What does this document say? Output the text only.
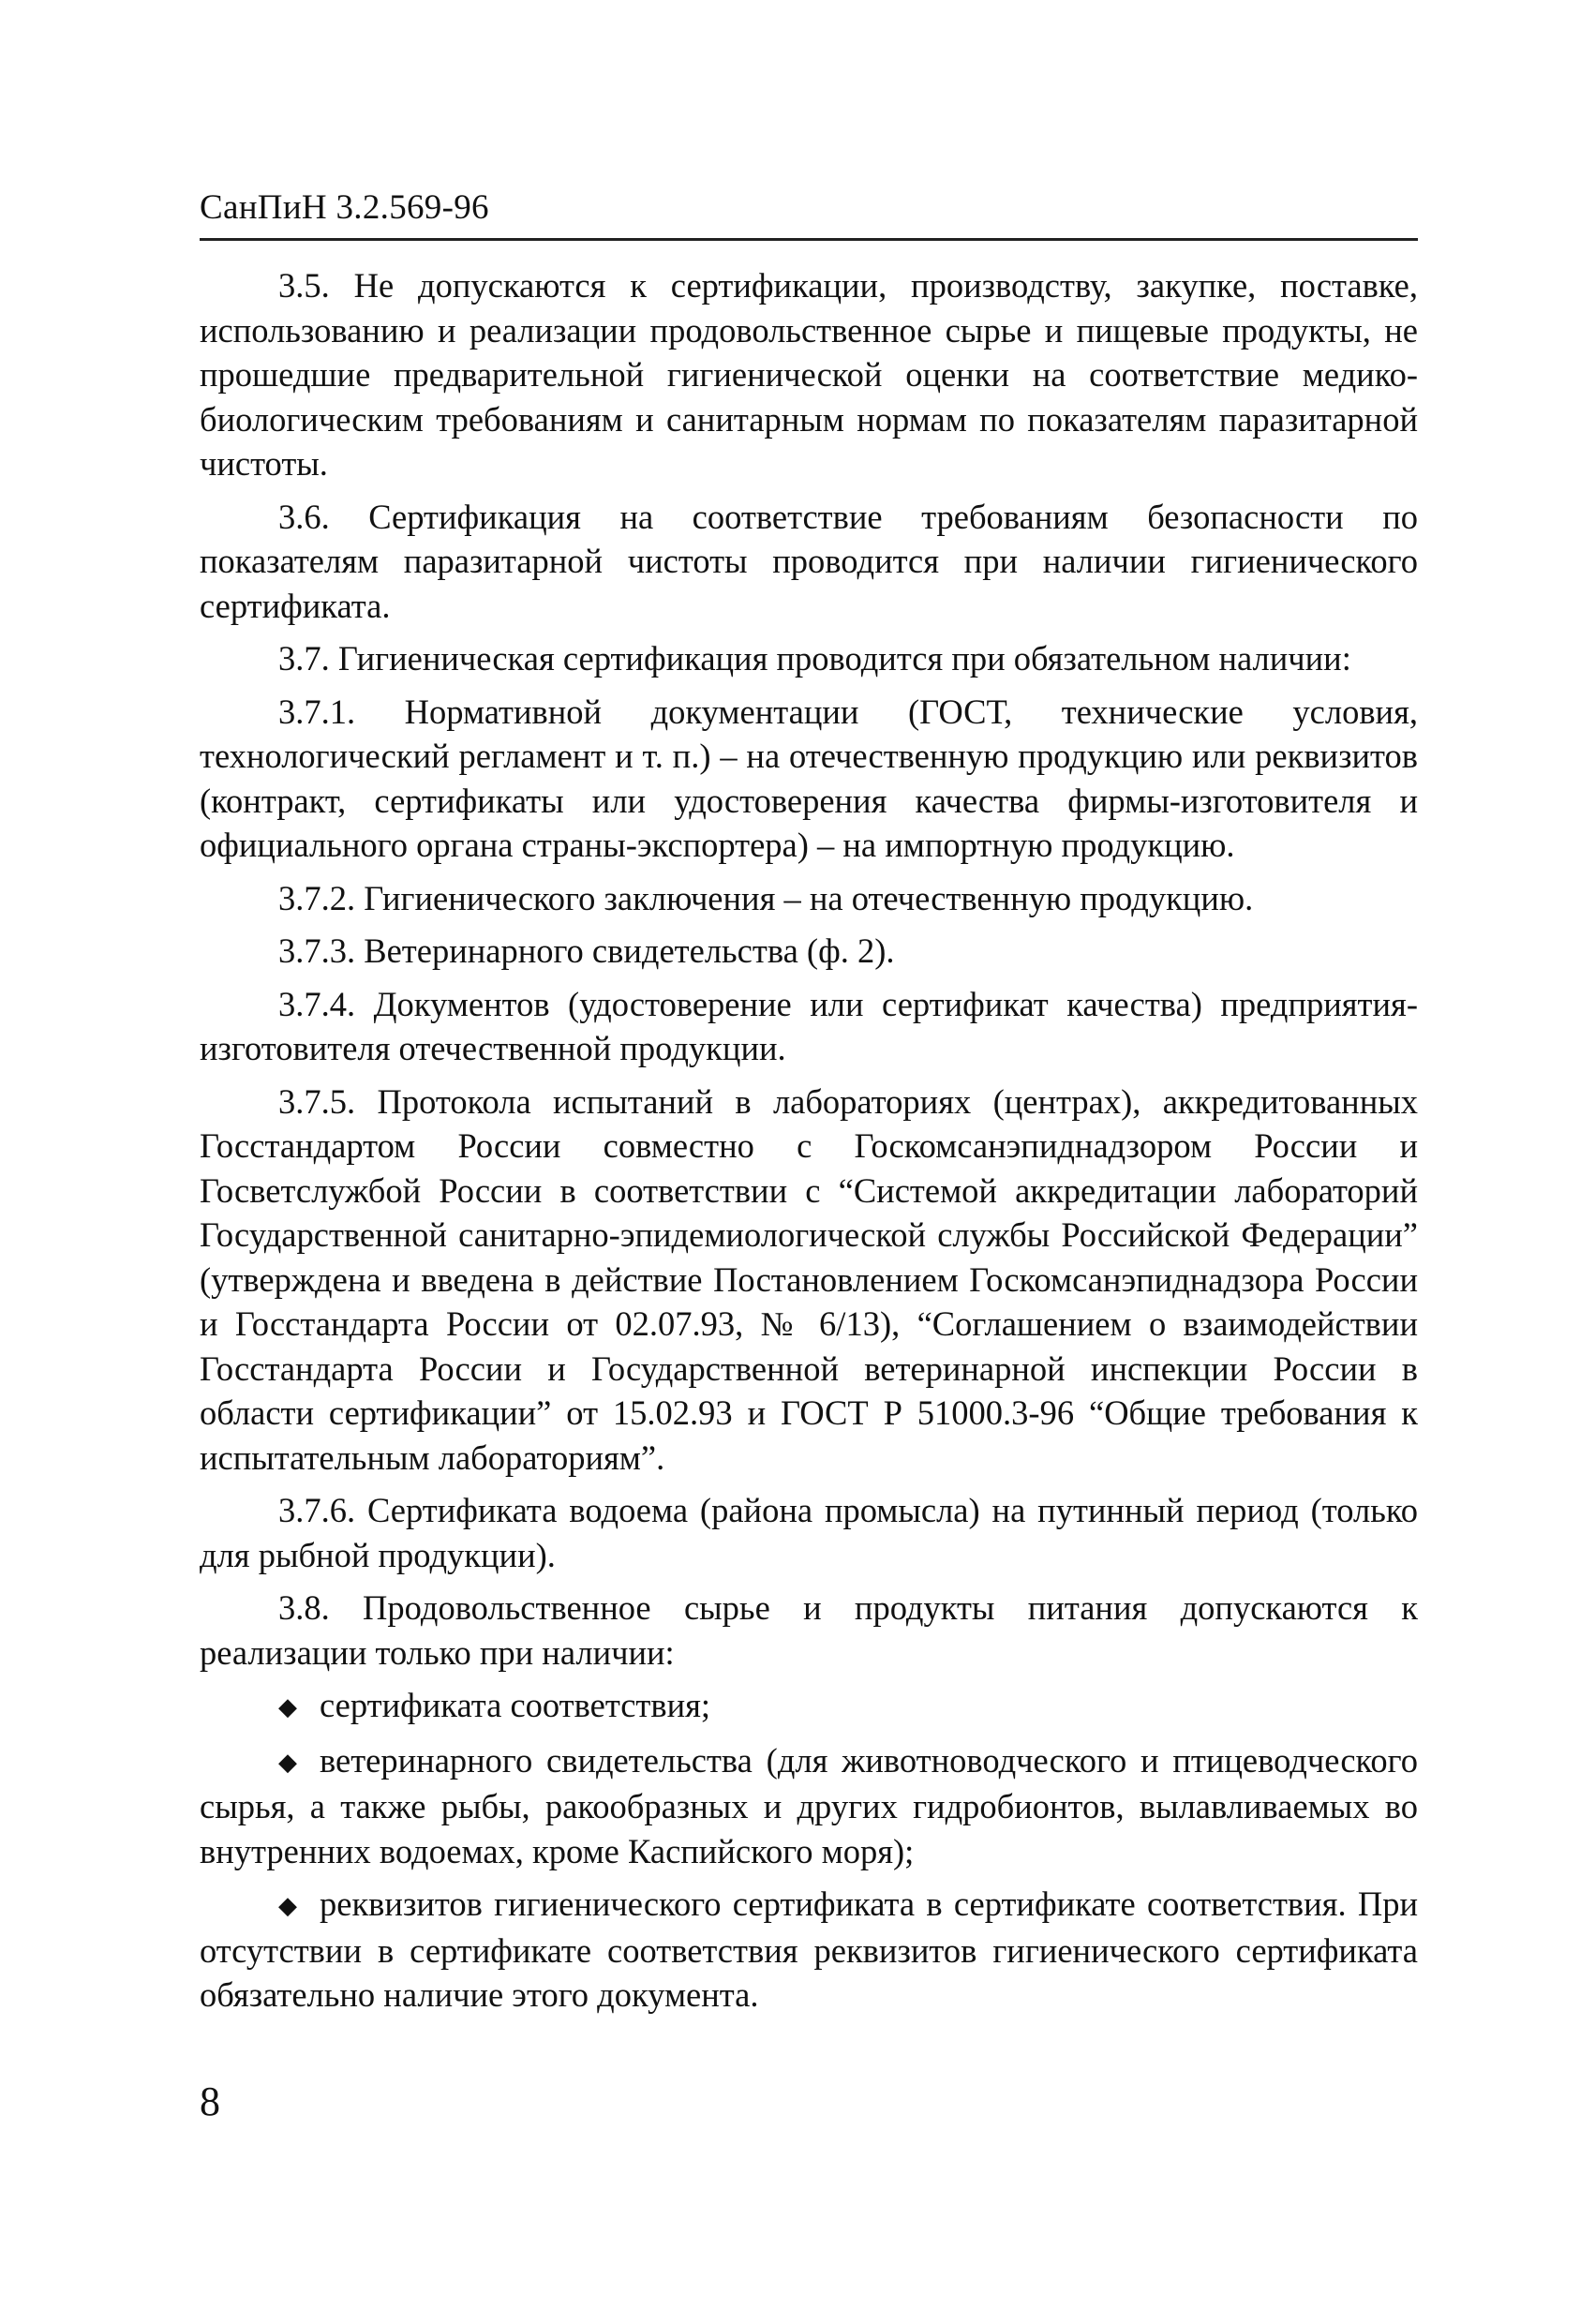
СанПиН 3.2.569-96

3.5. Не допускаются к сертификации, производству, закупке, поставке, использованию и реализации продовольственное сырье и пищевые продукты, не прошедшие предварительной гигиенической оценки на соответствие медико-биологическим требованиям и санитарным нормам по показателям паразитарной чистоты.

3.6. Сертификация на соответствие требованиям безопасности по показателям паразитарной чистоты проводится при наличии гигиенического сертификата.

3.7. Гигиеническая сертификация проводится при обязательном наличии:

3.7.1. Нормативной документации (ГОСТ, технические условия, технологический регламент и т. п.) – на отечественную продукцию или реквизитов (контракт, сертификаты или удостоверения качества фирмы-изготовителя и официального органа страны-экспортера) – на импортную продукцию.

3.7.2. Гигиенического заключения – на отечественную продукцию.

3.7.3. Ветеринарного свидетельства (ф. 2).

3.7.4. Документов (удостоверение или сертификат качества) предприятия-изготовителя отечественной продукции.

3.7.5. Протокола испытаний в лабораториях (центрах), аккредитованных Госстандартом России совместно с Госкомсанэпиднадзором России и Госветслужбой России в соответствии с “Системой аккредитации лабораторий Государственной санитарно-эпидемиологической службы Российской Федерации” (утверждена и введена в действие Постановлением Госкомсанэпиднадзора России и Госстандарта России от 02.07.93, № 6/13), “Соглашением о взаимодействии Госстандарта России и Государственной ветеринарной инспекции России в области сертификации” от 15.02.93 и ГОСТ Р 51000.3-96 “Общие требования к испытательным лабораториям”.

3.7.6. Сертификата водоема (района промысла) на путинный период (только для рыбной продукции).

3.8. Продовольственное сырье и продукты питания допускаются к реализации только при наличии:

◆ сертификата соответствия;

◆ ветеринарного свидетельства (для животноводческого и птицеводческого сырья, а также рыбы, ракообразных и других гидробионтов, вылавливаемых во внутренних водоемах, кроме Каспийского моря);

◆ реквизитов гигиенического сертификата в сертификате соответствия. При отсутствии в сертификате соответствия реквизитов гигиенического сертификата обязательно наличие этого документа.

8
